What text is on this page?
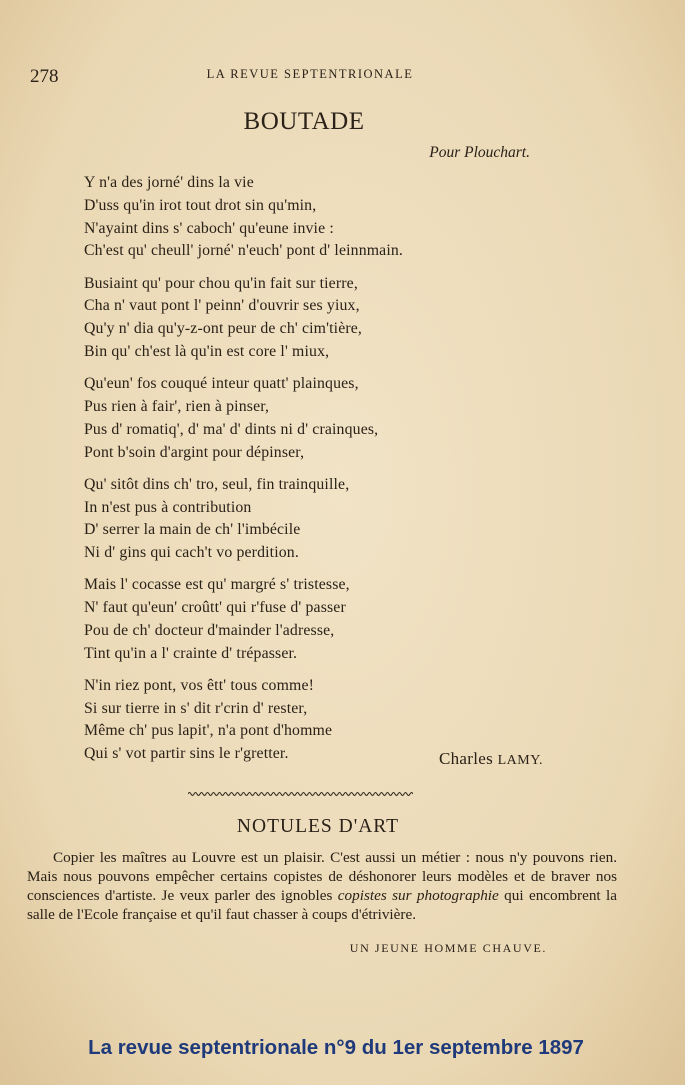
278	LA REVUE SEPTENTRIONALE
BOUTADE
Pour Plouchart.
Y n'a des jorné' dins la vie
D'uss qu'in irot tout drot sin qu'min,
N'ayaint dins s' caboch' qu'eune invie :
Ch'est qu' cheull' jorné' n'euch' pont d' leinnmain.
Busiaint qu' pour chou qu'in fait sur tierre,
Cha n' vaut pont l' peinn' d'ouvrir ses yiux,
Qu'y n' dia qu'y-z-ont peur de ch' cim'tière,
Bin qu' ch'est là qu'in est core l' miux,
Qu'eun' fos couqué inteur quatt' plainques,
Pus rien à fair', rien à pinser,
Pus d' romatiq', d' ma' d' dints ni d' crainques,
Pont b'soin d'argint pour dépinser,
Qu' sitôt dins ch' tro, seul, fin trainquille,
In n'est pus à contribution
D' serrer la main de ch' l'imbécile
Ni d' gins qui cach't vo perdition.
Mais l' cocasse est qu' margré s' tristesse,
N' faut qu'eun' croûtt' qui r'fuse d' passer
Pou de ch' docteur d'mainder l'adresse,
Tint qu'in a l' crainte d' trépasser.
N'in riez pont, vos êtt' tous comme!
Si sur tierre in s' dit r'crin d' rester,
Même ch' pus lapit', n'a pont d'homme
Qui s' vot partir sins le r'gretter.	Charles LAMY.
NOTULES D'ART

Copier les maîtres au Louvre est un plaisir. C'est aussi un métier : nous n'y pouvons rien. Mais nous pouvons empêcher certains copistes de déshonorer leurs modèles et de braver nos consciences d'artiste. Je veux parler des ignobles copistes sur photographie qui encombrent la salle de l'Ecole française et qu'il faut chasser à coups d'étrivière.

UN JEUNE HOMME CHAUVE.
La revue septentrionale n°9 du 1er septembre 1897
